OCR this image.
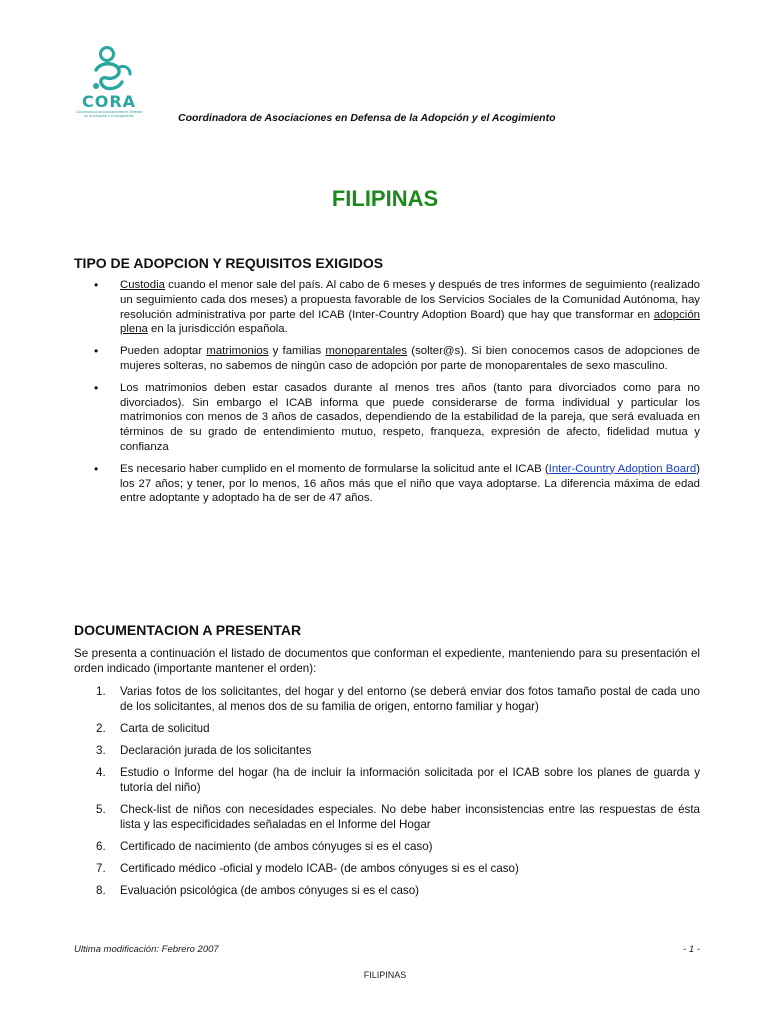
CORA
Coordinadora de Asociaciones en Defensa de la Adopción y el Acogimiento	Coordinadora de Asociaciones en Defensa de la Adopción y el Acogimiento
FILIPINAS
TIPO DE ADOPCION Y REQUISITOS EXIGIDOS
• Custodia cuando el menor sale del país. Al cabo de 6 meses y después de tres informes de seguimiento (realizado un seguimiento cada dos meses) a propuesta favorable de los Servicios Sociales de la Comunidad Autónoma, hay resolución administrativa por parte del ICAB (Inter-Country Adoption Board) que hay que transformar en adopción plena en la jurisdicción española.
• Pueden adoptar matrimonios y familias monoparentales (solter@s). Si bien conocemos casos de adopciones de mujeres solteras, no sabemos de ningún caso de adopción por parte de monoparentales de sexo masculino.
• Los matrimonios deben estar casados durante al menos tres años (tanto para divorciados como para no divorciados). Sin embargo el ICAB informa que puede considerarse de forma individual y particular los matrimonios con menos de 3 años de casados, dependiendo de la estabilidad de la pareja, que será evaluada en términos de su grado de entendimiento mutuo, respeto, franqueza, expresión de afecto, fidelidad mutua y confianza
• Es necesario haber cumplido en el momento de formularse la solicitud ante el ICAB (Inter-Country Adoption Board) los 27 años; y tener, por lo menos, 16 años más que el niño que vaya adoptarse. La diferencia máxima de edad entre adoptante y adoptado ha de ser de 47 años.
DOCUMENTACION A PRESENTAR
Se presenta a continuación el listado de documentos que conforman el expediente, manteniendo para su presentación el orden indicado (importante mantener el orden):
1. Varias fotos de los solicitantes, del hogar y del entorno (se deberá enviar dos fotos tamaño postal de cada uno de los solicitantes, al menos dos de su familia de origen, entorno familiar y hogar)
2. Carta de solicitud
3. Declaración jurada de los solicitantes
4. Estudio o Informe del hogar (ha de incluir la información solicitada por el ICAB sobre los planes de guarda y tutoría del niño)
5. Check-list de niños con necesidades especiales. No debe haber inconsistencias entre las respuestas de ésta lista y las especificidades señaladas en el Informe del Hogar
6. Certificado de nacimiento (de ambos cónyuges si es el caso)
7. Certificado médico -oficial y modelo ICAB- (de ambos cónyuges si es el caso)
8. Evaluación psicológica (de ambos cónyuges si es el caso)
Ultima modificación: Febrero 2007	- 1 -
FILIPINAS
